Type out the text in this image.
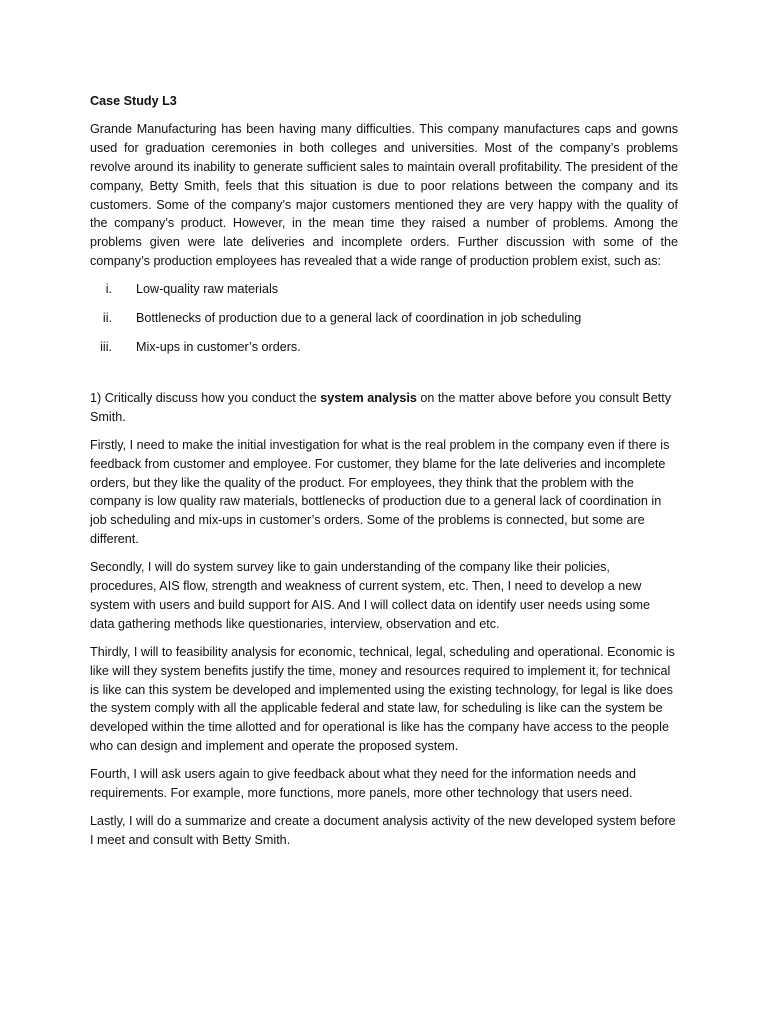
Case Study L3

Grande Manufacturing has been having many difficulties. This company manufactures caps and gowns used for graduation ceremonies in both colleges and universities. Most of the company’s problems revolve around its inability to generate sufficient sales to maintain overall profitability. The president of the company, Betty Smith, feels that this situation is due to poor relations between the company and its customers. Some of the company’s major customers mentioned they are very happy with the quality of the company’s product. However, in the mean time they raised a number of problems. Among the problems given were late deliveries and incomplete orders. Further discussion with some of the company’s production employees has revealed that a wide range of production problem exist, such as:

i. Low-quality raw materials
ii. Bottlenecks of production due to a general lack of coordination in job scheduling
iii. Mix-ups in customer’s orders.

1) Critically discuss how you conduct the system analysis on the matter above before you consult Betty Smith.

Firstly, I need to make the initial investigation for what is the real problem in the company even if there is feedback from customer and employee. For customer, they blame for the late deliveries and incomplete orders, but they like the quality of the product. For employees, they think that the problem with the company is low quality raw materials, bottlenecks of production due to a general lack of coordination in job scheduling and mix-ups in customer’s orders. Some of the problems is connected, but some are different.

Secondly, I will do system survey like to gain understanding of the company like their policies, procedures, AIS flow, strength and weakness of current system, etc. Then, I need to develop a new system with users and build support for AIS. And I will collect data on identify user needs using some data gathering methods like questionaries, interview, observation and etc.

Thirdly, I will to feasibility analysis for economic, technical, legal, scheduling and operational. Economic is like will they system benefits justify the time, money and resources required to implement it, for technical is like can this system be developed and implemented using the existing technology, for legal is like does the system comply with all the applicable federal and state law, for scheduling is like can the system be developed within the time allotted and for operational is like has the company have access to the people who can design and implement and operate the proposed system.

Fourth, I will ask users again to give feedback about what they need for the information needs and requirements. For example, more functions, more panels, more other technology that users need.

Lastly, I will do a summarize and create a document analysis activity of the new developed system before I meet and consult with Betty Smith.
